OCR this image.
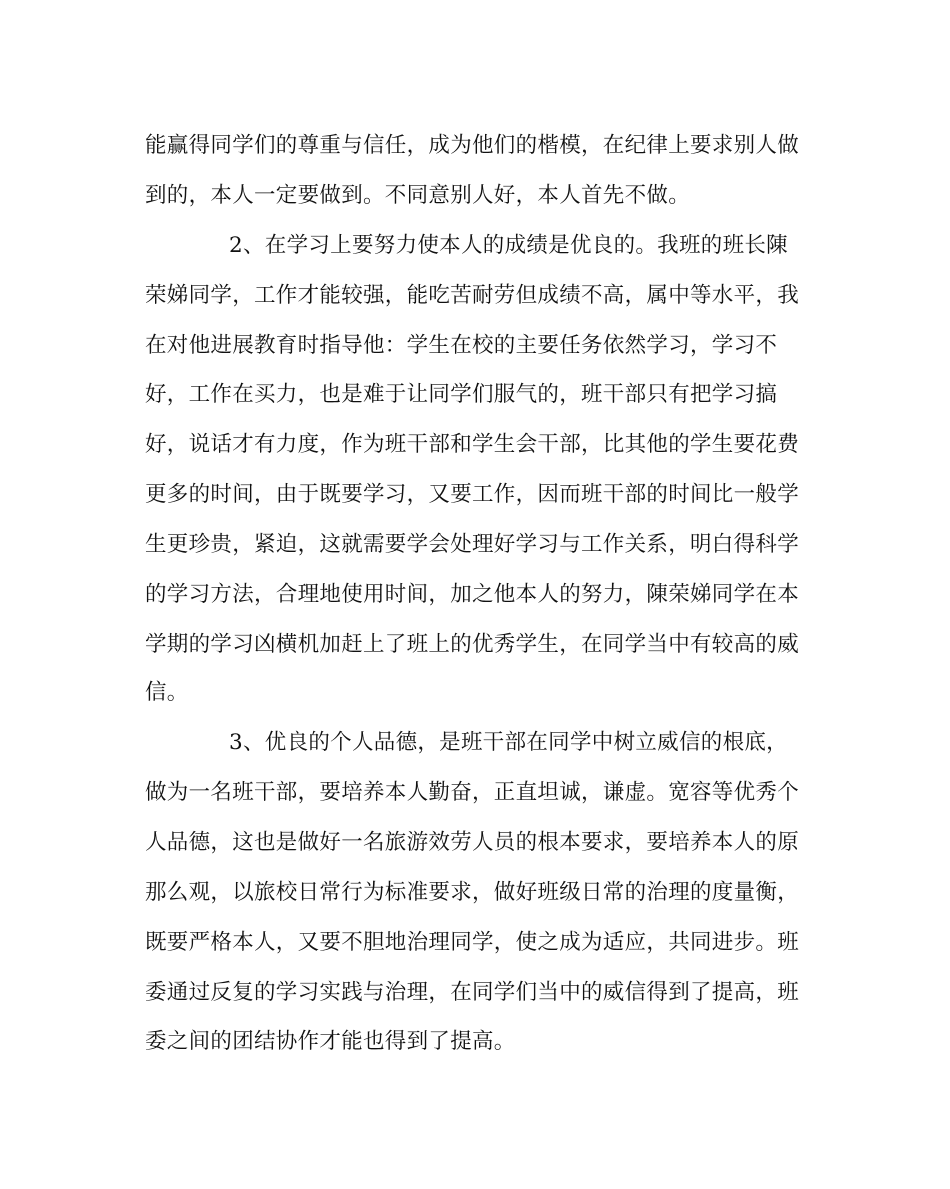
能赢得同学们的尊重与信任，成为他们的楷模，在纪律上要求别人做
到的，本人一定要做到。不同意别人好，本人首先不做。
2、在学习上要努力使本人的成绩是优良的。我班的班长陳
荣娣同学，工作才能较强，能吃苦耐劳但成绩不高，属中等水平，我
在对他进展教育时指导他：学生在校的主要任务依然学习，学习不
好，工作在买力，也是难于让同学们服气的，班干部只有把学习搞
好，说话才有力度，作为班干部和学生会干部，比其他的学生要花费
更多的时间，由于既要学习，又要工作，因而班干部的时间比一般学
生更珍贵，紧迫，这就需要学会处理好学习与工作关系，明白得科学
的学习方法，合理地使用时间，加之他本人的努力，陳荣娣同学在本
学期的学习凶横机加赶上了班上的优秀学生，在同学当中有较高的威
信。
3、优良的个人品德，是班干部在同学中树立威信的根底，
做为一名班干部，要培养本人勤奋，正直坦诚，谦虚。宽容等优秀个
人品德，这也是做好一名旅游效劳人员的根本要求，要培养本人的原
那么观，以旅校日常行为标准要求，做好班级日常的治理的度量衡，
既要严格本人，又要不胆地治理同学，使之成为适应，共同进步。班
委通过反复的学习实践与治理，在同学们当中的威信得到了提高，班
委之间的团结协作才能也得到了提高。
